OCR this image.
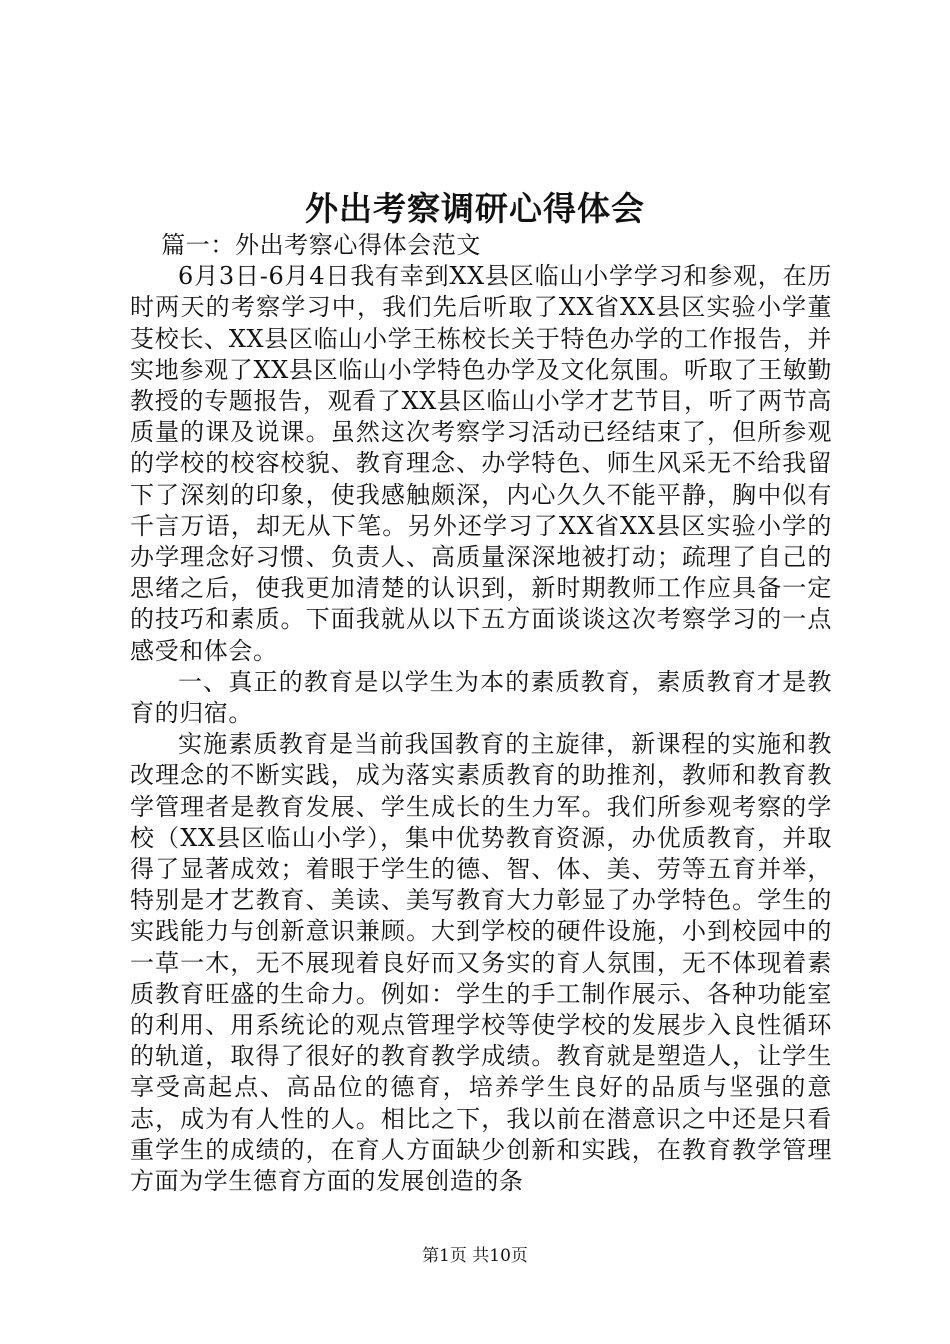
外出考察调研心得体会

篇一：外出考察心得体会范文

6月3日-6月4日我有幸到XX县区临山小学学习和参观，在历时两天的考察学习中，我们先后听取了XX省XX县区实验小学董芟校长、XX县区临山小学王栋校长关于特色办学的工作报告，并实地参观了XX县区临山小学特色办学及文化氛围。听取了王敏勤教授的专题报告，观看了XX县区临山小学才艺节目，听了两节高质量的课及说课。虽然这次考察学习活动已经结束了，但所参观的学校的校容校貌、教育理念、办学特色、师生风采无不给我留下了深刻的印象，使我感触颇深，内心久久不能平静，胸中似有千言万语，却无从下笔。另外还学习了XX省XX县区实验小学的办学理念好习惯、负责人、高质量深深地被打动；疏理了自己的思绪之后，使我更加清楚的认识到，新时期教师工作应具备一定的技巧和素质。下面我就从以下五方面谈谈这次考察学习的一点感受和体会。

一、真正的教育是以学生为本的素质教育，素质教育才是教育的归宿。

实施素质教育是当前我国教育的主旋律，新课程的实施和教改理念的不断实践，成为落实素质教育的助推剂，教师和教育教学管理者是教育发展、学生成长的生力军。我们所参观考察的学校（XX县区临山小学），集中优势教育资源，办优质教育，并取得了显著成效；着眼于学生的德、智、体、美、劳等五育并举，特别是才艺教育、美读、美写教育大力彰显了办学特色。学生的实践能力与创新意识兼顾。大到学校的硬件设施，小到校园中的一草一木，无不展现着良好而又务实的育人氛围，无不体现着素质教育旺盛的生命力。例如：学生的手工制作展示、各种功能室的利用、用系统论的观点管理学校等使学校的发展步入良性循环的轨道，取得了很好的教育教学成绩。教育就是塑造人，让学生享受高起点、高品位的德育，培养学生良好的品质与坚强的意志，成为有人性的人。相比之下，我以前在潜意识之中还是只看重学生的成绩的，在育人方面缺少创新和实践，在教育教学管理方面为学生德育方面的发展创造的条

第1页 共10页
